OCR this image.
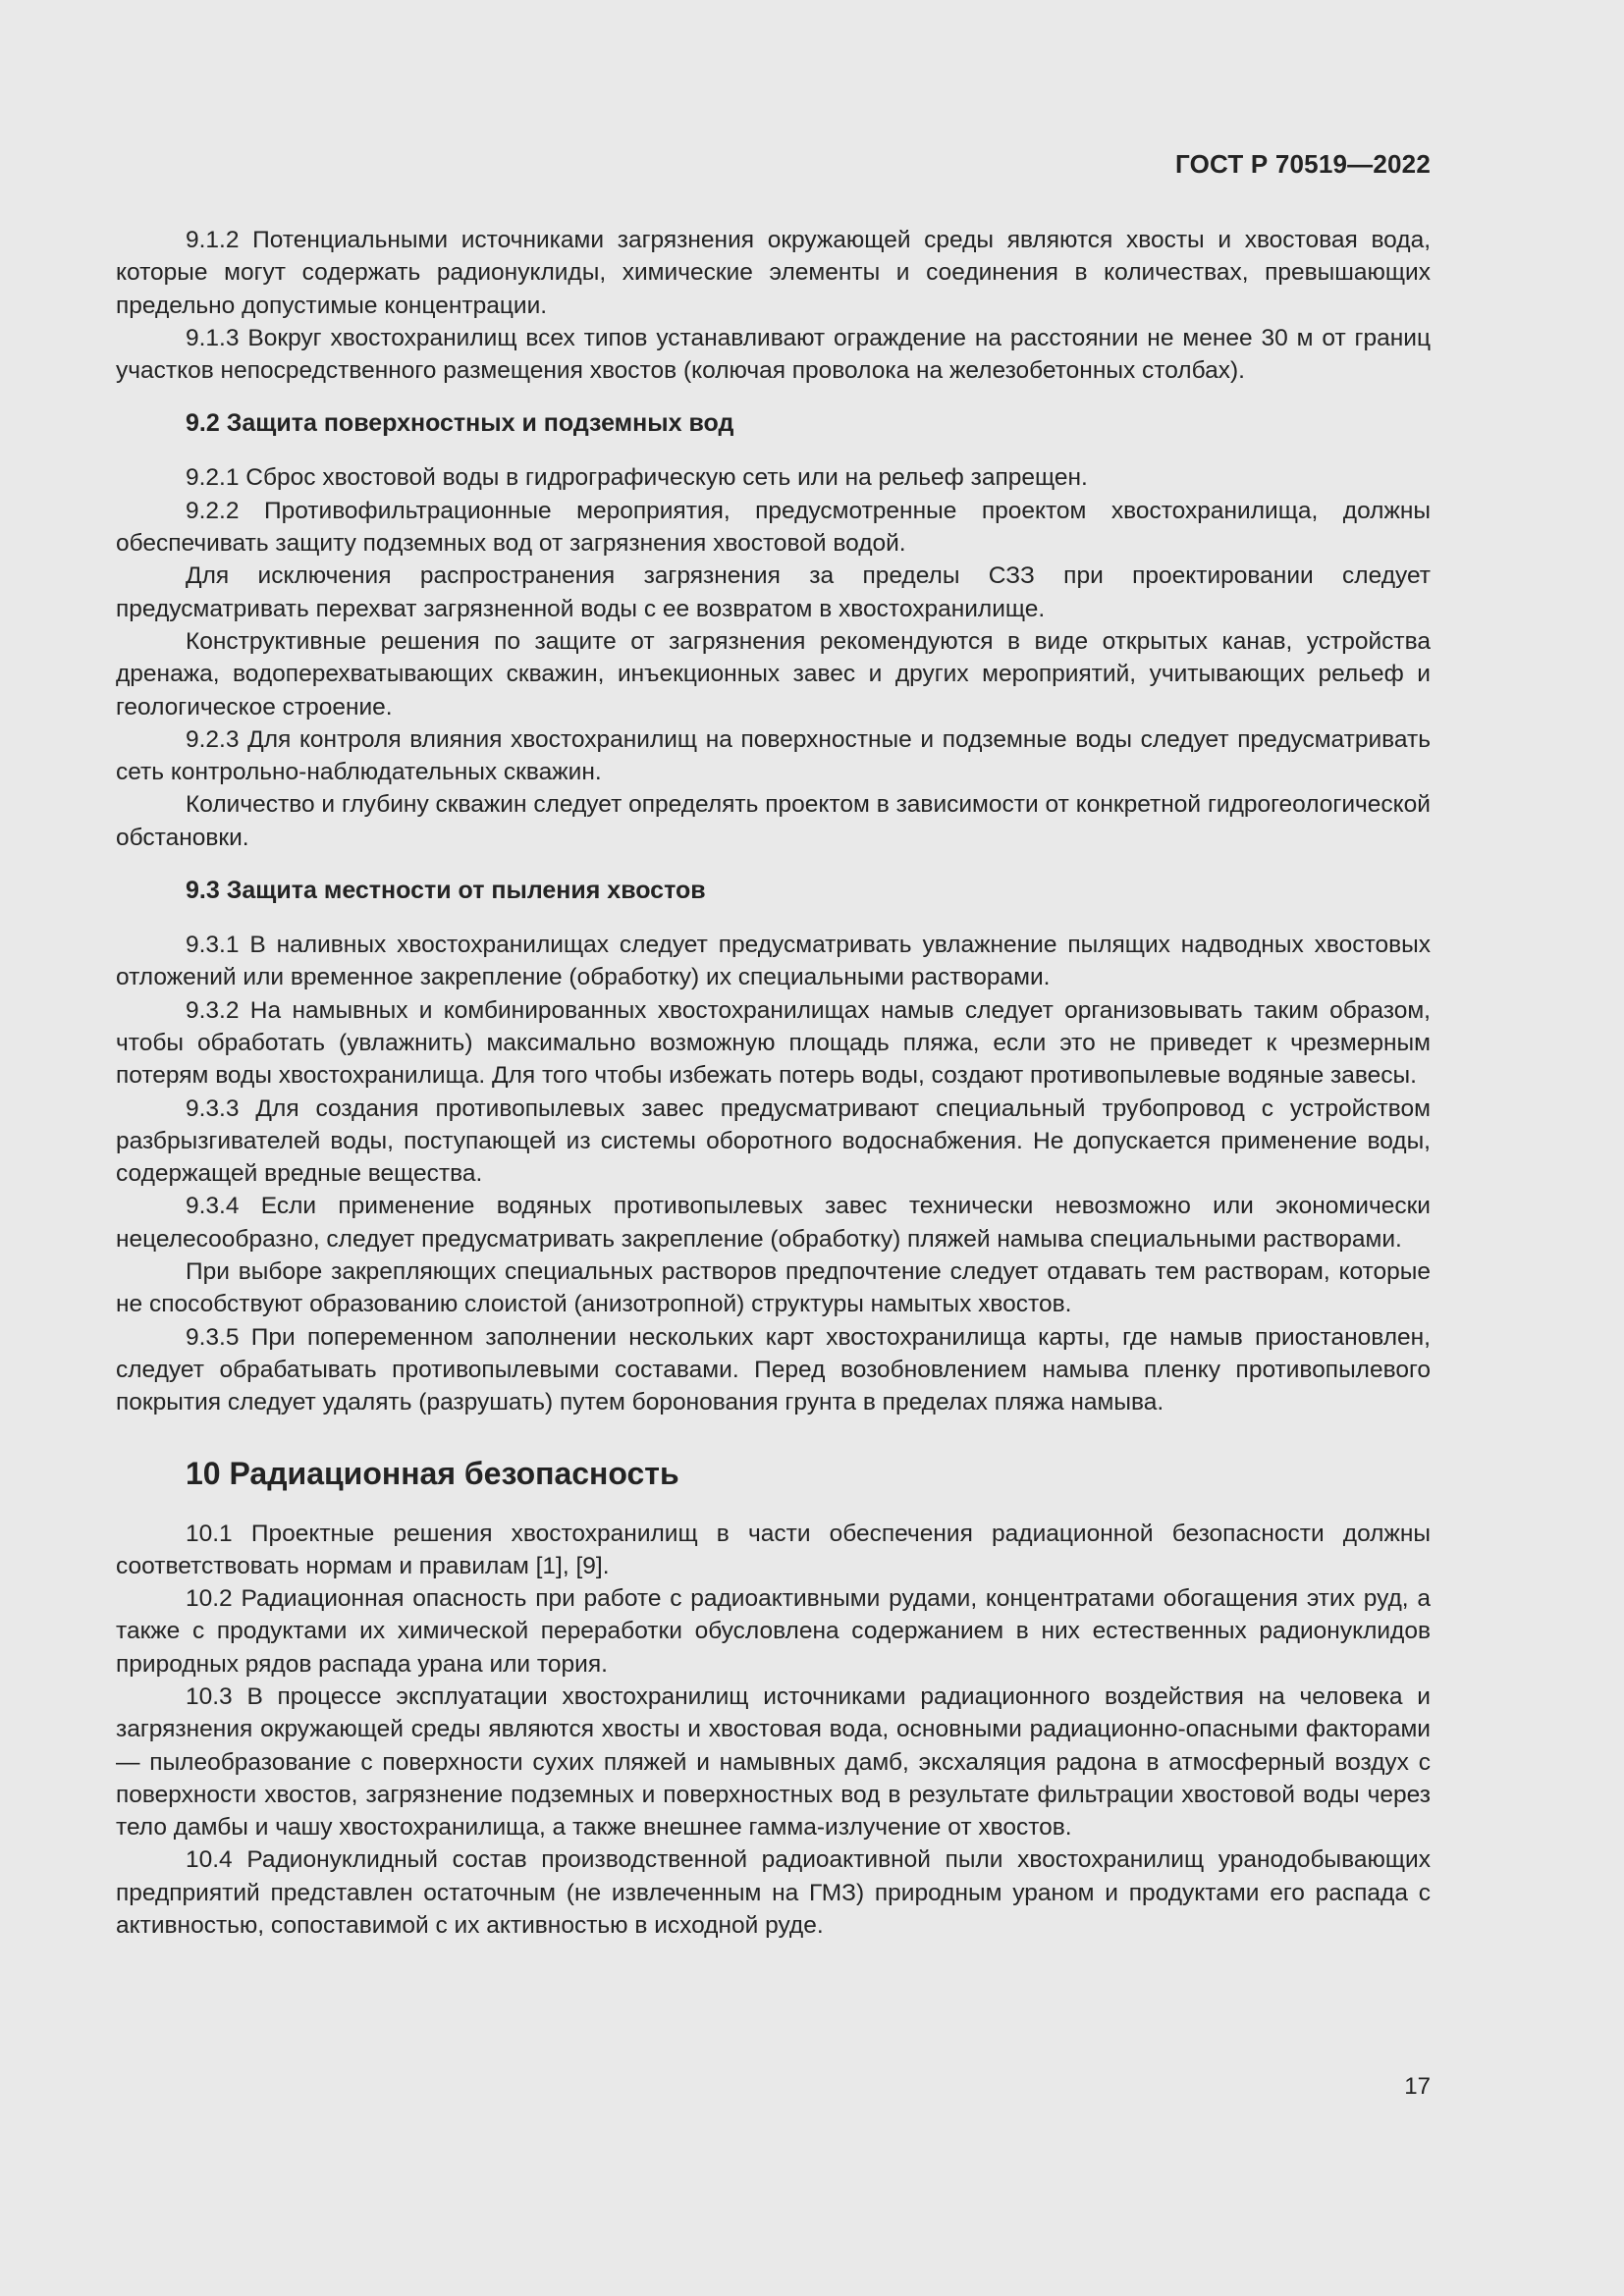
ГОСТ Р 70519—2022

9.1.2 Потенциальными источниками загрязнения окружающей среды являются хвосты и хвостовая вода, которые могут содержать радионуклиды, химические элементы и соединения в количествах, превышающих предельно допустимые концентрации.

9.1.3 Вокруг хвостохранилищ всех типов устанавливают ограждение на расстоянии не менее 30 м от границ участков непосредственного размещения хвостов (колючая проволока на железобетонных столбах).

9.2 Защита поверхностных и подземных вод

9.2.1 Сброс хвостовой воды в гидрографическую сеть или на рельеф запрещен.

9.2.2 Противофильтрационные мероприятия, предусмотренные проектом хвостохранилища, должны обеспечивать защиту подземных вод от загрязнения хвостовой водой.

Для исключения распространения загрязнения за пределы СЗЗ при проектировании следует предусматривать перехват загрязненной воды с ее возвратом в хвостохранилище.

Конструктивные решения по защите от загрязнения рекомендуются в виде открытых канав, устройства дренажа, водоперехватывающих скважин, инъекционных завес и других мероприятий, учитывающих рельеф и геологическое строение.

9.2.3 Для контроля влияния хвостохранилищ на поверхностные и подземные воды следует предусматривать сеть контрольно-наблюдательных скважин.

Количество и глубину скважин следует определять проектом в зависимости от конкретной гидрогеологической обстановки.

9.3 Защита местности от пыления хвостов

9.3.1 В наливных хвостохранилищах следует предусматривать увлажнение пылящих надводных хвостовых отложений или временное закрепление (обработку) их специальными растворами.

9.3.2 На намывных и комбинированных хвостохранилищах намыв следует организовывать таким образом, чтобы обработать (увлажнить) максимально возможную площадь пляжа, если это не приведет к чрезмерным потерям воды хвостохранилища. Для того чтобы избежать потерь воды, создают противопылевые водяные завесы.

9.3.3 Для создания противопылевых завес предусматривают специальный трубопровод с устройством разбрызгивателей воды, поступающей из системы оборотного водоснабжения. Не допускается применение воды, содержащей вредные вещества.

9.3.4 Если применение водяных противопылевых завес технически невозможно или экономически нецелесообразно, следует предусматривать закрепление (обработку) пляжей намыва специальными растворами.

При выборе закрепляющих специальных растворов предпочтение следует отдавать тем растворам, которые не способствуют образованию слоистой (анизотропной) структуры намытых хвостов.

9.3.5 При попеременном заполнении нескольких карт хвостохранилища карты, где намыв приостановлен, следует обрабатывать противопылевыми составами. Перед возобновлением намыва пленку противопылевого покрытия следует удалять (разрушать) путем боронования грунта в пределах пляжа намыва.

10 Радиационная безопасность

10.1 Проектные решения хвостохранилищ в части обеспечения радиационной безопасности должны соответствовать нормам и правилам [1], [9].

10.2 Радиационная опасность при работе с радиоактивными рудами, концентратами обогащения этих руд, а также с продуктами их химической переработки обусловлена содержанием в них естественных радионуклидов природных рядов распада урана или тория.

10.3 В процессе эксплуатации хвостохранилищ источниками радиационного воздействия на человека и загрязнения окружающей среды являются хвосты и хвостовая вода, основными радиационно-опасными факторами — пылеобразование с поверхности сухих пляжей и намывных дамб, эксхаляция радона в атмосферный воздух с поверхности хвостов, загрязнение подземных и поверхностных вод в результате фильтрации хвостовой воды через тело дамбы и чашу хвостохранилища, а также внешнее гамма-излучение от хвостов.

10.4 Радионуклидный состав производственной радиоактивной пыли хвостохранилищ уранодобывающих предприятий представлен остаточным (не извлеченным на ГМЗ) природным ураном и продуктами его распада с активностью, сопоставимой с их активностью в исходной руде.

17
